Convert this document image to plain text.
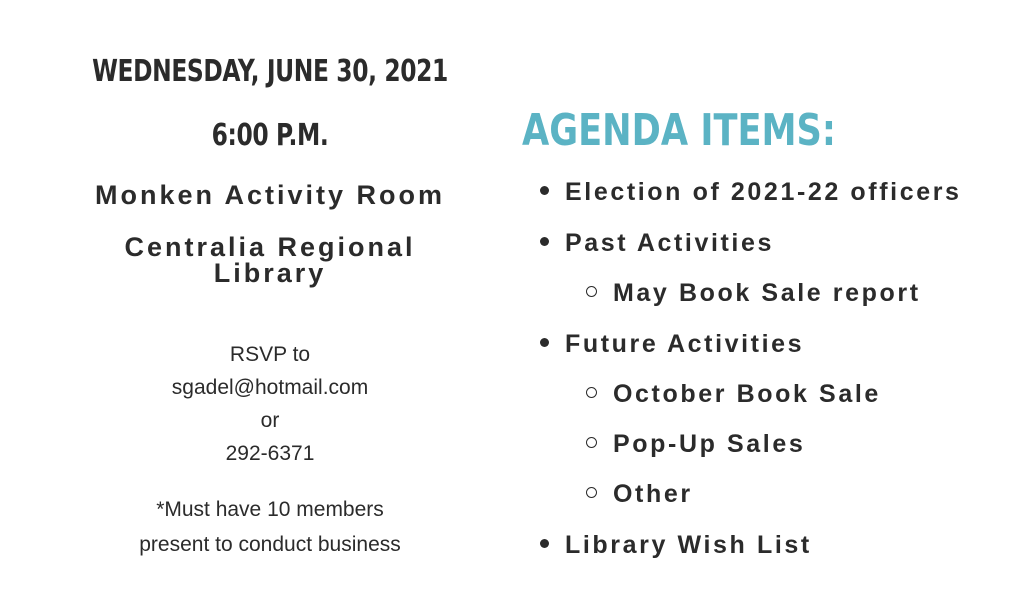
WEDNESDAY, JUNE 30, 2021
6:00 P.M.
Monken Activity Room
Centralia Regional
Library
RSVP to
sgadel@hotmail.com
or
292-6371
*Must have 10 members
present to conduct business
AGENDA ITEMS:
Election of 2021-22 officers
Past Activities
May Book Sale report
Future Activities
October Book Sale
Pop-Up Sales
Other
Library Wish List
